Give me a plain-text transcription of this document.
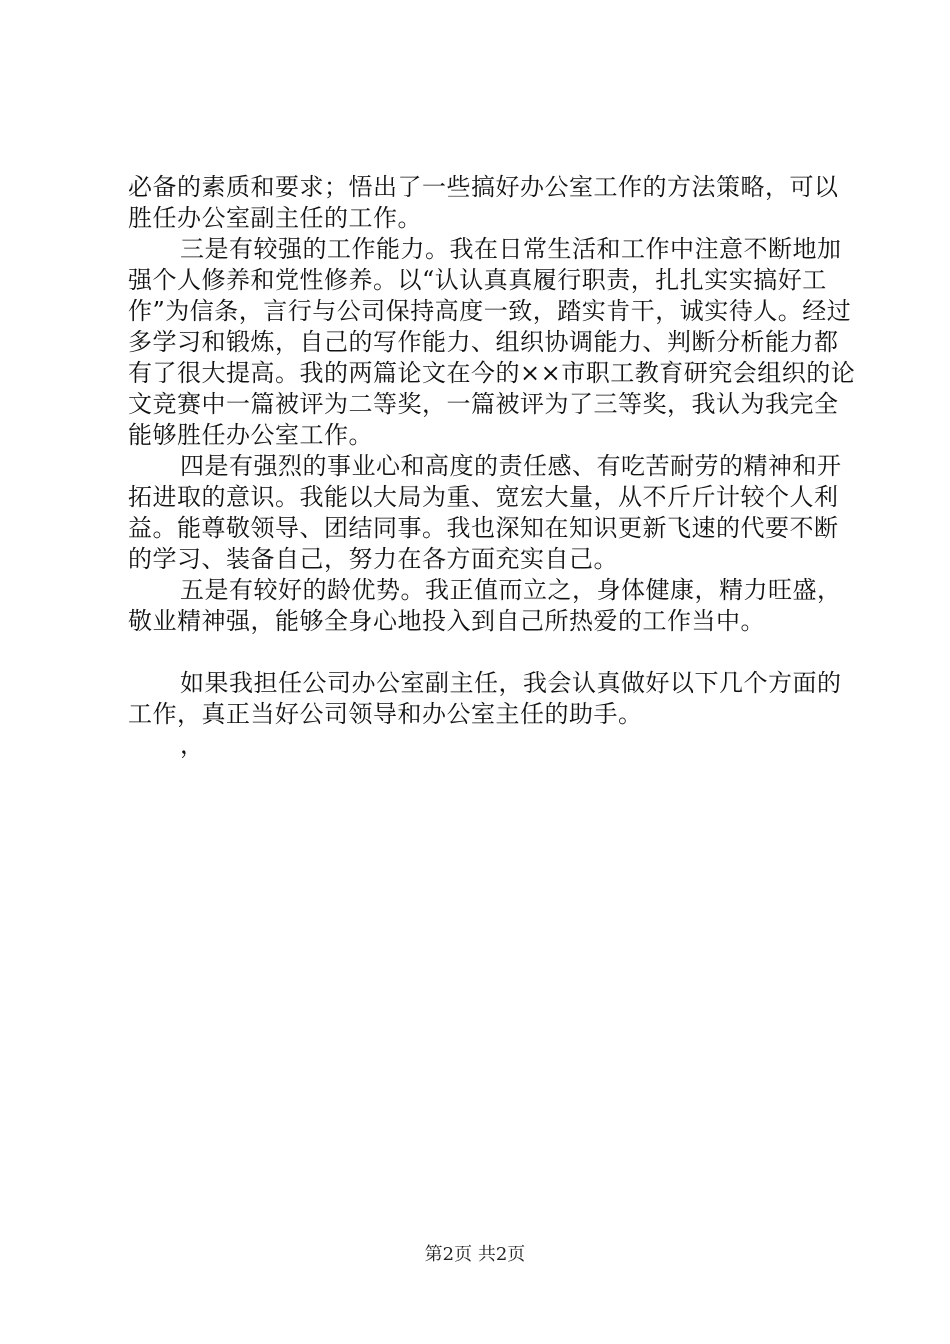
必备的素质和要求；悟出了一些搞好办公室工作的方法策略，可以胜任办公室副主任的工作。

三是有较强的工作能力。我在日常生活和工作中注意不断地加强个人修养和党性修养。以“认认真真履行职责，扎扎实实搞好工作”为信条，言行与公司保持高度一致，踏实肯干，诚实待人。经过多学习和锻炼，自己的写作能力、组织协调能力、判断分析能力都有了很大提高。我的两篇论文在今的××市职工教育研究会组织的论文竞赛中一篇被评为二等奖，一篇被评为了三等奖，我认为我完全能够胜任办公室工作。

四是有强烈的事业心和高度的责任感、有吃苦耐劳的精神和开拓进取的意识。我能以大局为重、宽宏大量，从不斤斤计较个人利益。能尊敬领导、团结同事。我也深知在知识更新飞速的代要不断的学习、装备自己，努力在各方面充实自己。

五是有较好的龄优势。我正值而立之，身体健康，精力旺盛，敬业精神强，能够全身心地投入到自己所热爱的工作当中。

如果我担任公司办公室副主任，我会认真做好以下几个方面的工作，真正当好公司领导和办公室主任的助手。

，

第2页 共2页
